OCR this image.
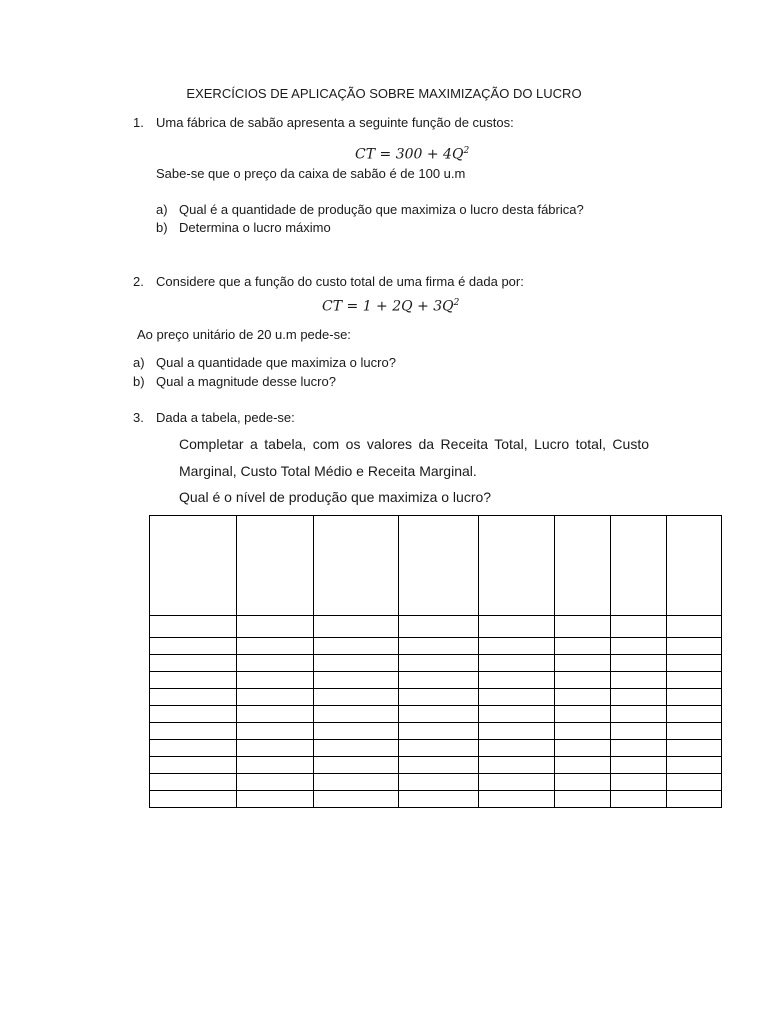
EXERCÍCIOS DE APLICAÇÃO SOBRE MAXIMIZAÇÃO DO LUCRO
1. Uma fábrica de sabão apresenta a seguinte função de custos:
CT = $300 + 4Q^2$
Sabe-se que o preço da caixa de sabão é de 100 u.m
a) Qual é a quantidade de produção que maximiza o lucro desta fábrica?
b) Determina o lucro máximo
2. Considere que a função do custo total de uma firma é dada por:
CT = $1 + 2Q + 3Q^2$
Ao preço unitário de 20 u.m pede-se:
a) Qual a quantidade que maximiza o lucro?
b) Qual a magnitude desse lucro?
3. Dada a tabela, pede-se:
Completar a tabela, com os valores da Receita Total, Lucro total, Custo
Marginal, Custo Total Médio e Receita Marginal.
Qual é o nível de produção que maximiza o lucro?
